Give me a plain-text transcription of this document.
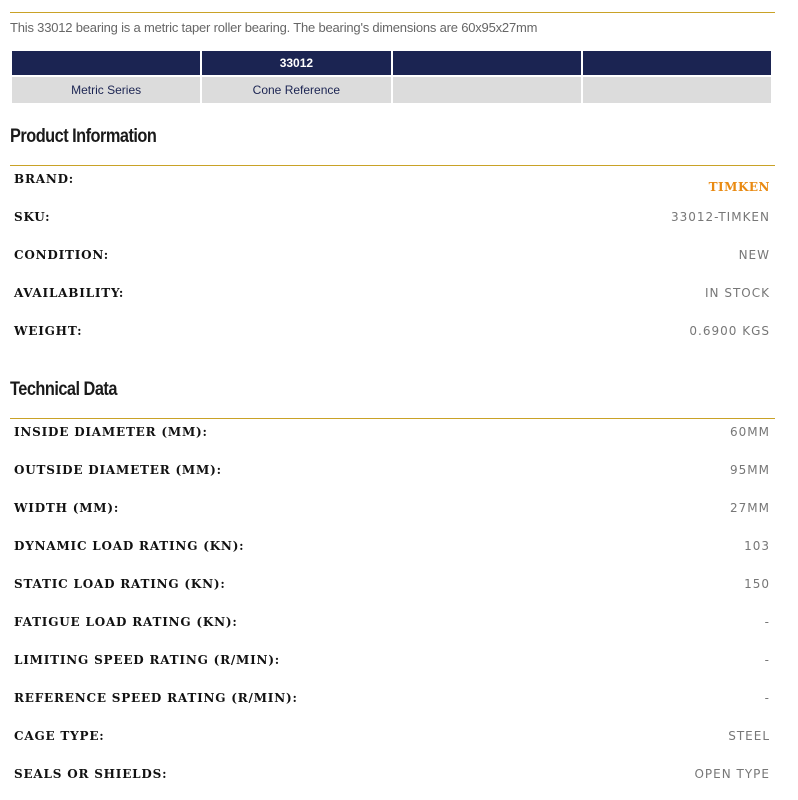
This 33012 bearing is a metric taper roller bearing. The bearing's dimensions are 60x95x27mm

	33012		
Metric Series	Cone Reference		
Product Information
BRAND:
TIMKEN
SKU:	33012-TIMKEN
CONDITION:	NEW
AVAILABILITY:	IN STOCK
WEIGHT:	0.6900 KGS
Technical Data
INSIDE DIAMETER (MM):	60MM
OUTSIDE DIAMETER (MM):	95MM
WIDTH (MM):	27MM
DYNAMIC LOAD RATING (KN):	103
STATIC LOAD RATING (KN):	150
FATIGUE LOAD RATING (KN):	-
LIMITING SPEED RATING (R/MIN):	-
REFERENCE SPEED RATING (R/MIN):	-
CAGE TYPE:	STEEL
SEALS OR SHIELDS:	OPEN TYPE
